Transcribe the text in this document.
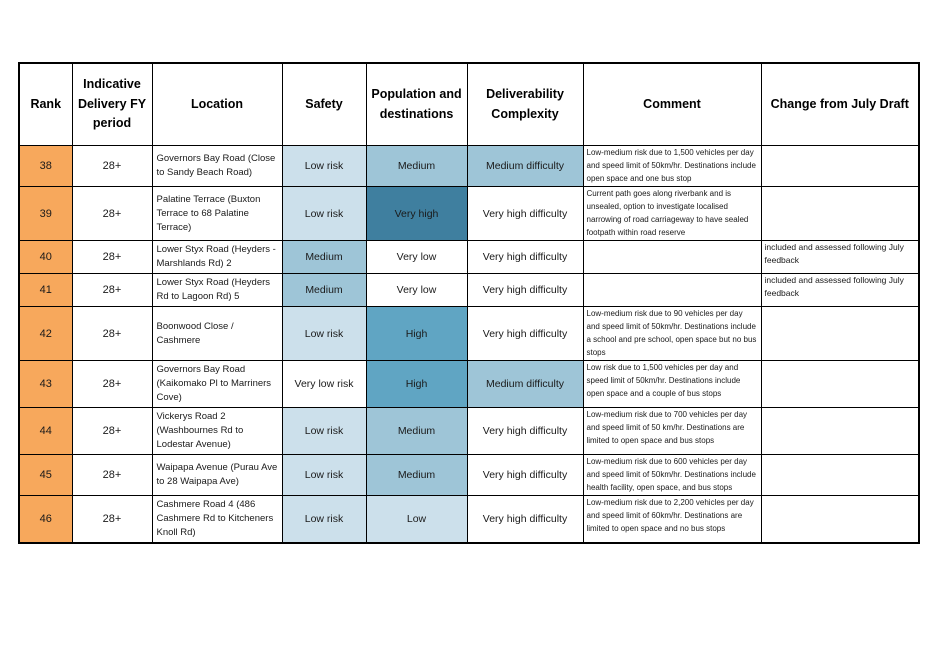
Rank	Indicative Delivery FY period	Location	Safety	Population and destinations	Deliverability Complexity	Comment	Change from July Draft
38	28+	Governors Bay Road (Close to Sandy Beach Road)	Low risk	Medium	Medium difficulty	Low-medium risk due to 1,500 vehicles per day and speed limit of 50km/hr. Destinations include open space and one bus stop	
39	28+	Palatine Terrace (Buxton Terrace to 68 Palatine Terrace)	Low risk	Very high	Very high difficulty	Current path goes along riverbank and is unsealed, option to investigate localised narrowing of road carriageway to have sealed footpath within road reserve	
40	28+	Lower Styx Road (Heyders - Marshlands Rd) 2	Medium	Very low	Very high difficulty		included and assessed following July feedback
41	28+	Lower Styx Road (Heyders Rd to Lagoon Rd) 5	Medium	Very low	Very high difficulty		included and assessed following July feedback
42	28+	Boonwood Close / Cashmere	Low risk	High	Very high difficulty	Low-medium risk due to 90 vehicles per day and speed limit of 50km/hr. Destinations include a school and pre school, open space but no bus stops	
43	28+	Governors Bay Road (Kaikomako Pl to Marriners Cove)	Very low risk	High	Medium difficulty	Low risk due to 1,500 vehicles per day and speed limit of 50km/hr. Destinations include open space and a couple of bus stops	
44	28+	Vickerys Road 2 (Washbournes Rd to Lodestar Avenue)	Low risk	Medium	Very high difficulty	Low-medium risk due to 700 vehicles per day and speed limit of 50 km/hr. Destinations are limited to open space and bus stops	
45	28+	Waipapa Avenue (Purau Ave to 28 Waipapa Ave)	Low risk	Medium	Very high difficulty	Low-medium risk due to 600 vehicles per day and speed limit of 50km/hr. Destinations include health facility, open space, and bus stops	
46	28+	Cashmere Road 4 (486 Cashmere Rd to Kitcheners Knoll Rd)	Low risk	Low	Very high difficulty	Low-medium risk due to 2,200 vehicles per day and speed limit of 60km/hr. Destinations are limited to open space and no bus stops	
